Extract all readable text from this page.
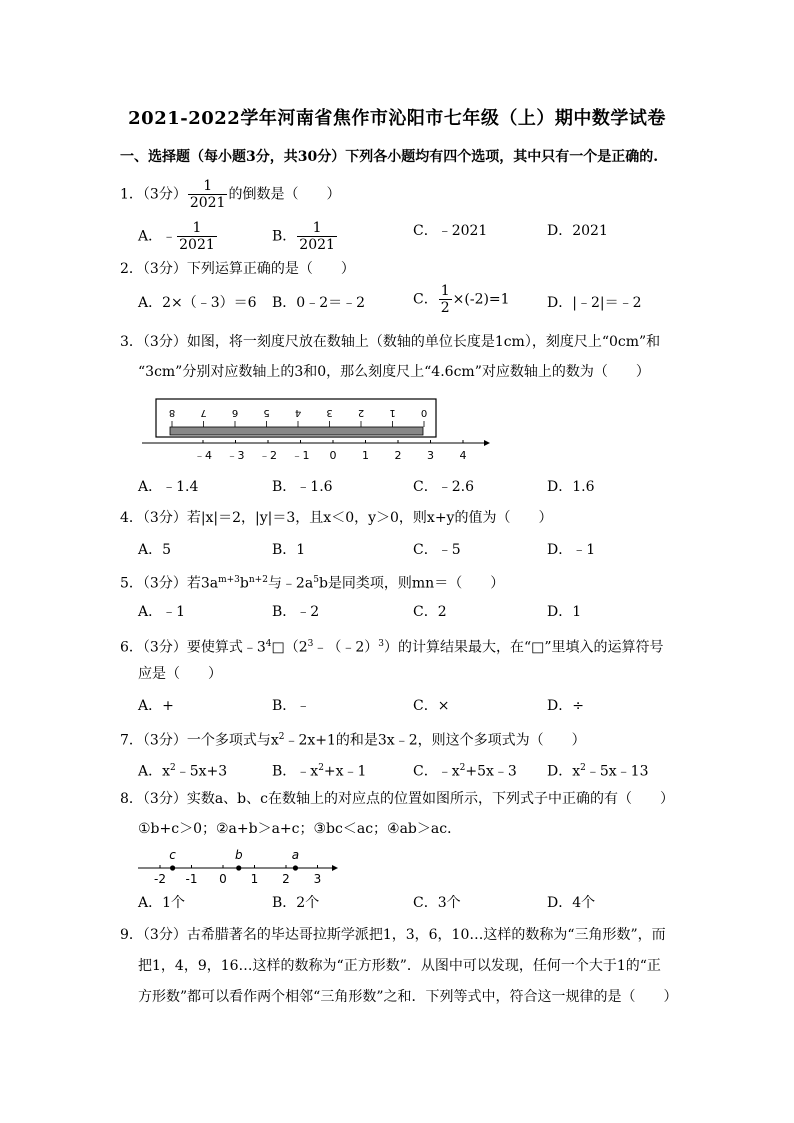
2021-2022学年河南省焦作市沁阳市七年级（上）期中数学试卷
一、选择题（每小题3分，共30分）下列各小题均有四个选项，其中只有一个是正确的.
1．（3分） $\frac{1}{2021}$ 的倒数是（　　）
A．﹣ $\frac{1}{2021}$	B． $\frac{1}{2021}$	C．﹣2021	D．2021
2．（3分）下列运算正确的是（　　）
A．2×（﹣3）＝6 B．0﹣2＝﹣2	C． $\frac{1}{2} \times(-2)=1$	D．|﹣2|＝﹣2
3．（3分）如图，将一刻度尺放在数轴上（数轴的单位长度是1cm），刻度尺上“0cm”和
“3cm”分别对应数轴上的3和0，那么刻度尺上“4.6cm”对应数轴上的数为（　　）
8	7	6	5	4	3	2	1	0
﹣4 ﹣3 ﹣2 ﹣1 0 1 2 3 4
A．﹣1.4	B．﹣1.6	C．﹣2.6	D．1.6
4．（3分）若|x|＝2，|y|＝3，且x＜0，y＞0，则x+y的值为（　　）
A．5	B．1	C．﹣5	D．﹣1
5．（3分）若$3a^{m+3}b^{n+2}$与$﹣2a^5b$是同类项，则mn＝（　　）
A．﹣1	B．﹣2	C．2	D．1
6．（3分）要使算式$﹣3^4□(2^3﹣(﹣2)^3)$的计算结果最大，在“□”里填入的运算符号
应是（　　）
A．+	B．﹣	C．×	D．÷
7．（3分）一个多项式与$x^2﹣2x+1$的和是3x﹣2，则这个多项式为（　　）
A．$x^2﹣5x+3$	B．$﹣x^2+x﹣1$	C．$﹣x^2+5x﹣3$ D．$x^2﹣5x﹣13$
8．（3分）实数a、b、c在数轴上的对应点的位置如图所示，下列式子中正确的有（　　）
①b+c＞0；②a+b＞a+c；③bc＜ac；④ab＞ac．
-2 -1 0 1 2 3
c	b	a
A．1个	B．2个	C．3个	D．4个
9．（3分）古希腊著名的毕达哥拉斯学派把1，3，6，10…这样的数称为“三角形数”，而
把1，4，9，16…这样的数称为“正方形数”．从图中可以发现，任何一个大于1的“正
方形数”都可以看作两个相邻“三角形数”之和．下列等式中，符合这一规律的是（　　）
